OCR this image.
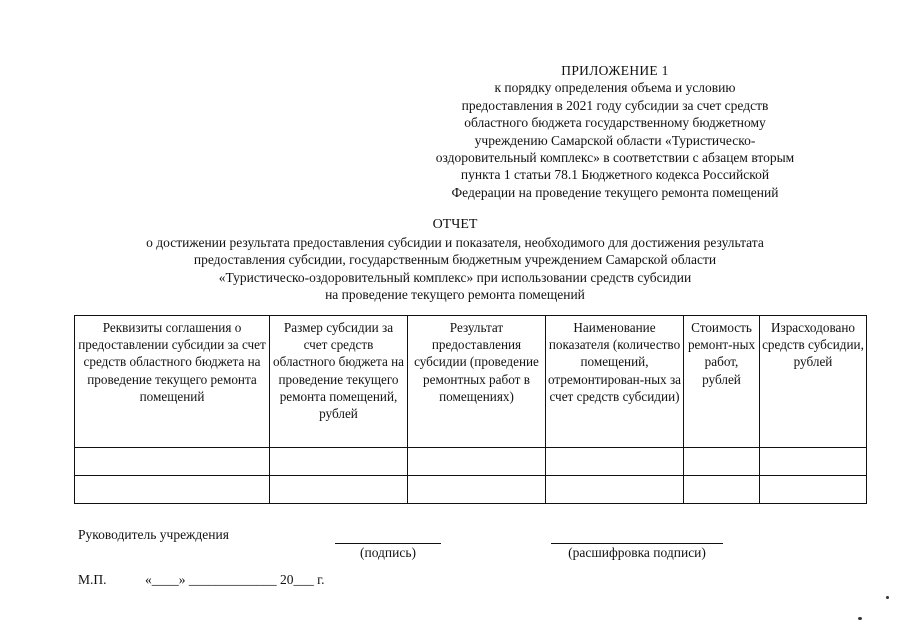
ПРИЛОЖЕНИЕ 1
к порядку определения объема и условию
предоставления в 2021 году субсидии за счет средств
областного бюджета государственному бюджетному
учреждению Самарской области «Туристическо-
оздоровительный комплекс» в соответствии с абзацем вторым
пункта 1 статьи 78.1 Бюджетного кодекса Российской
Федерации на проведение текущего ремонта помещений
ОТЧЕТ
о достижении результата предоставления субсидии и показателя, необходимого для достижения результата
предоставления субсидии, государственным бюджетным учреждением Самарской области
«Туристическо-оздоровительный комплекс» при использовании средств субсидии
на проведение текущего ремонта помещений
Реквизиты соглашения о предоставлении субсидии за счет средств областного бюджета на проведение текущего ремонта помещений	Размер субсидии за счет средств областного бюджета на проведение текущего ремонта помещений, рублей	Результат предоставления субсидии (проведение ремонтных работ в помещениях)	Наименование показателя (количество помещений, отремонтирован-ных за счет средств субсидии)	Стоимость ремонт-ных работ, рублей	Израсходовано средств субсидии, рублей

Руководитель учреждения
(подпись)	(расшифровка подписи)
М.П.	«____» _____________ 20___ г.
